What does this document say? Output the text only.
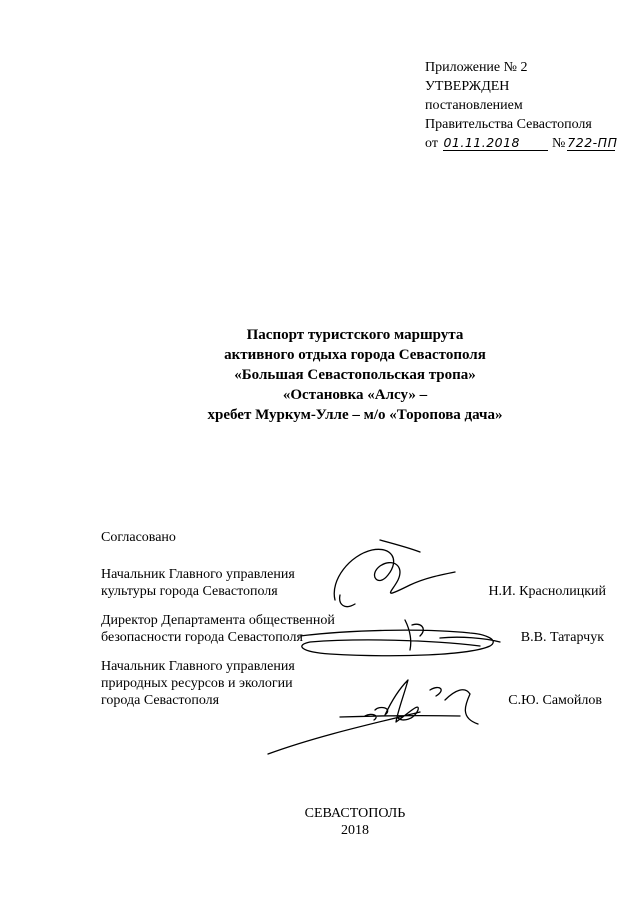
Приложение № 2
УТВЕРЖДЕН
постановлением
Правительства Севастополя
от 01.11.2018 № 722-ПП
Паспорт туристского маршрута
активного отдыха города Севастополя
«Большая Севастопольская тропа»
«Остановка «Алсу» –
хребет Муркум-Улле – м/о «Торопова дача»
Согласовано
Начальник Главного управления
культуры города Севастополя	Н.И. Краснолицкий
Директор Департамента общественной
безопасности города Севастополя	В.В. Татарчук
Начальник Главного управления
природных ресурсов и экологии
города Севастополя	С.Ю. Самойлов
СЕВАСТОПОЛЬ
2018
